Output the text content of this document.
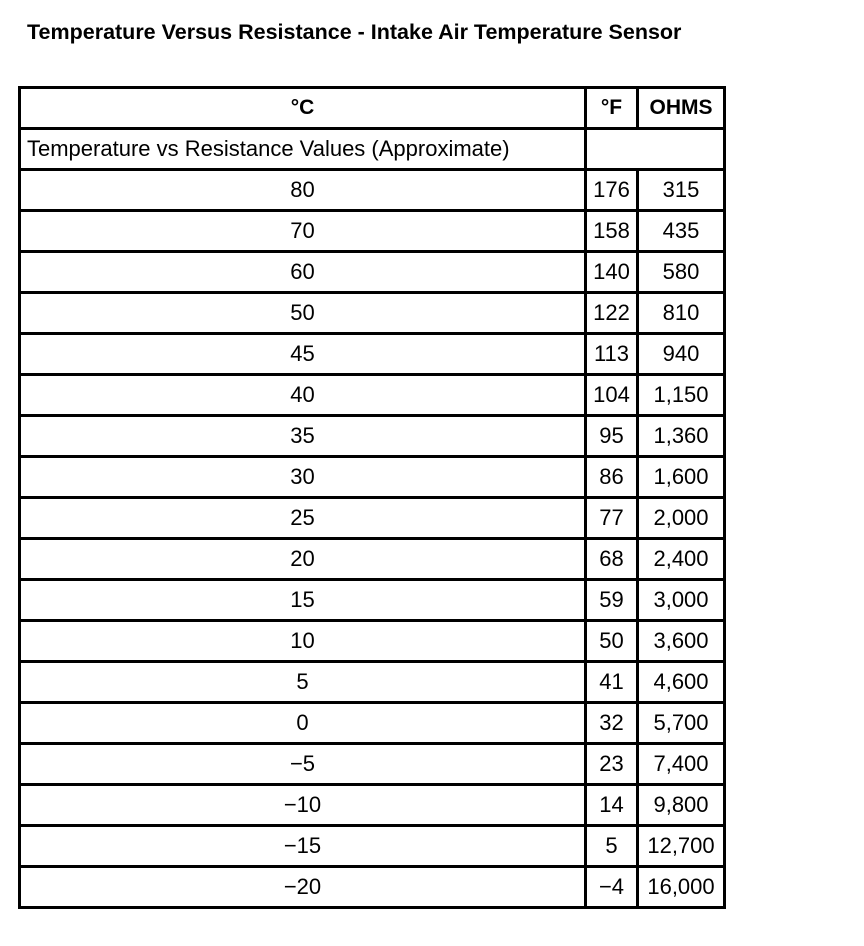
Temperature Versus Resistance - Intake Air Temperature Sensor
°C	°F	OHMS
Temperature vs Resistance Values (Approximate)		
80	176	315
70	158	435
60	140	580
50	122	810
45	113	940
40	104	1,150
35	95	1,360
30	86	1,600
25	77	2,000
20	68	2,400
15	59	3,000
10	50	3,600
5	41	4,600
0	32	5,700
−5	23	7,400
−10	14	9,800
−15	5	12,700
−20	−4	16,000
